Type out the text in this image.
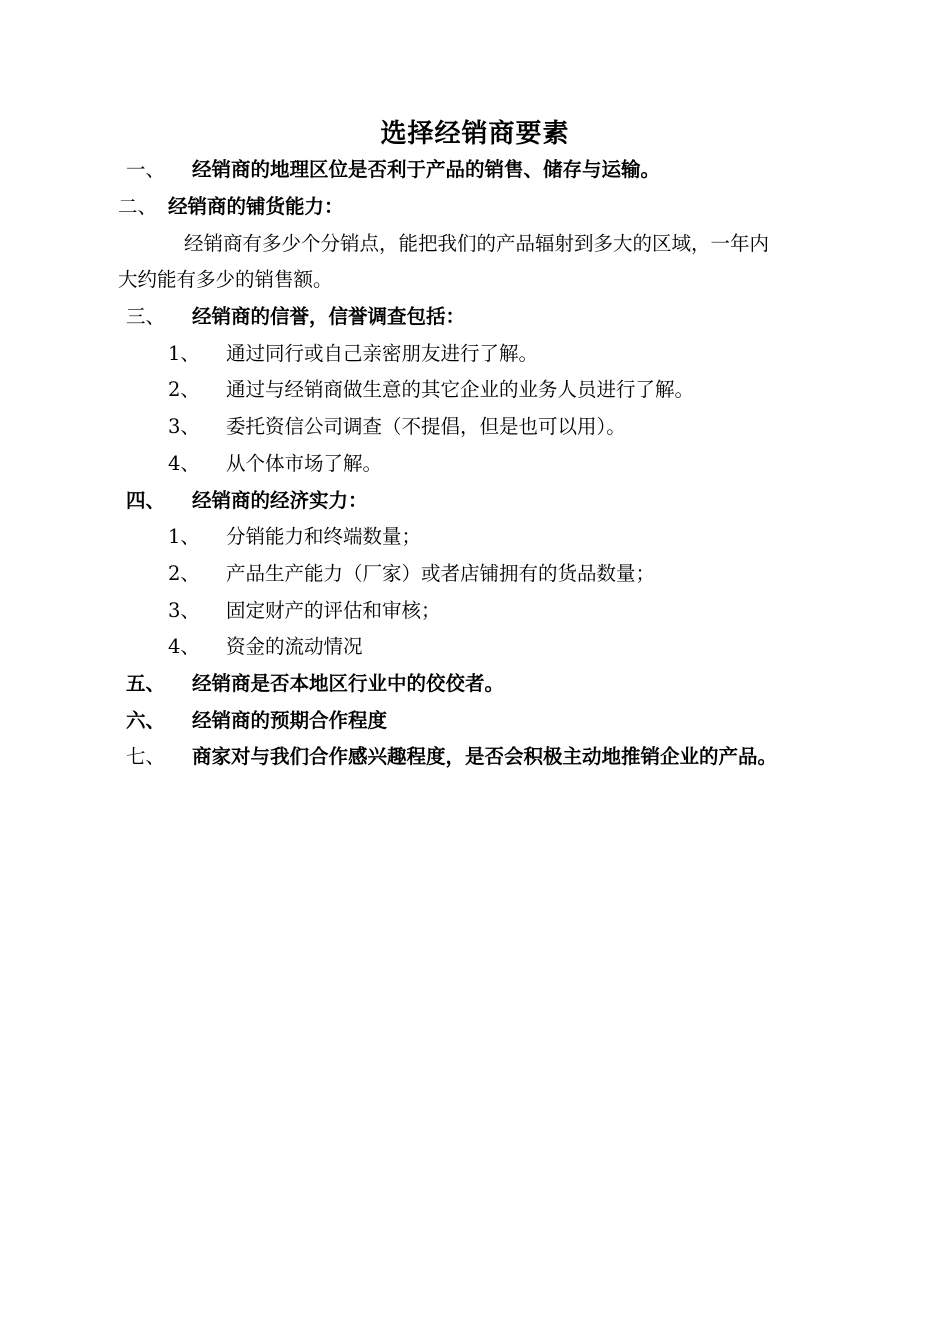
选择经销商要素
一、 经销商的地理区位是否利于产品的销售、储存与运输。
二、 经销商的铺货能力：
经销商有多少个分销点，能把我们的产品辐射到多大的区域，一年内
大约能有多少的销售额。
三、 经销商的信誉，信誉调查包括：
1、 通过同行或自己亲密朋友进行了解。
2、 通过与经销商做生意的其它企业的业务人员进行了解。
3、 委托资信公司调查（不提倡，但是也可以用）。
4、 从个体市场了解。
四、 经销商的经济实力：
1、 分销能力和终端数量；
2、 产品生产能力（厂家）或者店铺拥有的货品数量；
3、 固定财产的评估和审核；
4、 资金的流动情况
五、 经销商是否本地区行业中的佼佼者。
六、 经销商的预期合作程度
七、 商家对与我们合作感兴趣程度，是否会积极主动地推销企业的产品。
